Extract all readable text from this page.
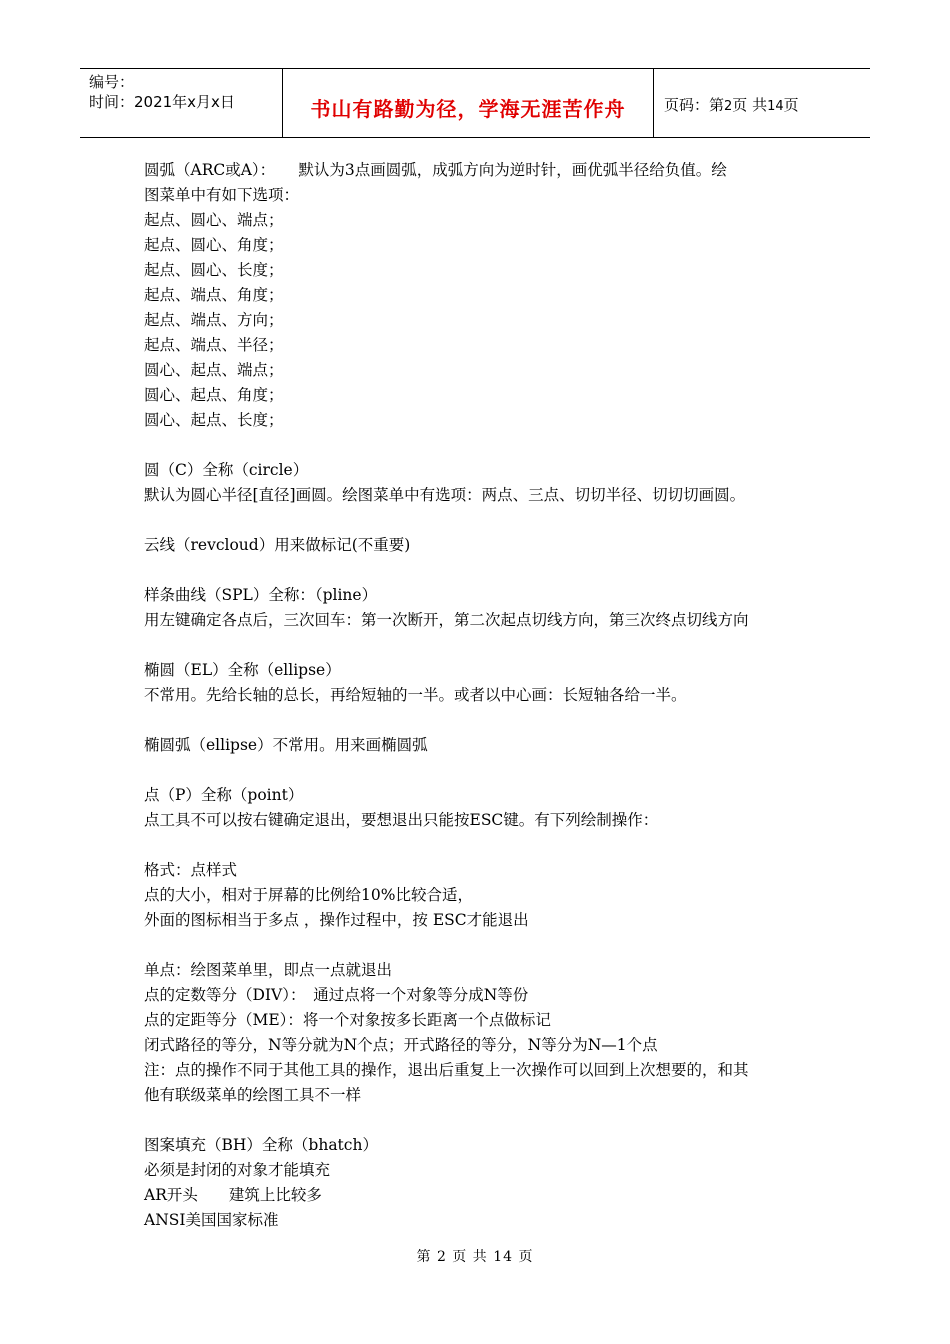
编号：
时间：2021年x月x日	书山有路勤为径，学海无涯苦作舟	页码：第2页 共14页
圆弧（ARC或A）：　　默认为3点画圆弧，成弧方向为逆时针，画优弧半径给负值。绘
图菜单中有如下选项：
起点、圆心、端点；
起点、圆心、角度；
起点、圆心、长度；
起点、端点、角度；
起点、端点、方向；
起点、端点、半径；
圆心、起点、端点；
圆心、起点、角度；
圆心、起点、长度；
圆（C）全称（circle）
默认为圆心半径[直径]画圆。绘图菜单中有选项：两点、三点、切切半径、切切切画圆。
云线（revcloud）用来做标记(不重要)
样条曲线（SPL）全称：（pline）
用左键确定各点后，三次回车：第一次断开，第二次起点切线方向，第三次终点切线方向
椭圆（EL）全称（ellipse）
不常用。先给长轴的总长，再给短轴的一半。或者以中心画：长短轴各给一半。
椭圆弧（ellipse）不常用。用来画椭圆弧
点（P）全称（point）
点工具不可以按右键确定退出，要想退出只能按ESC键。有下列绘制操作：
格式：点样式
点的大小，相对于屏幕的比例给10%比较合适，
外面的图标相当于多点 ，操作过程中，按 ESC才能退出
单点：绘图菜单里，即点一点就退出
点的定数等分（DIV）：　通过点将一个对象等分成N等份
点的定距等分（ME）：将一个对象按多长距离一个点做标记
闭式路径的等分，N等分就为N个点；开式路径的等分，N等分为N—1个点
注：点的操作不同于其他工具的操作，退出后重复上一次操作可以回到上次想要的，和其
他有联级菜单的绘图工具不一样
图案填充（BH）全称（bhatch）
必须是封闭的对象才能填充
AR开头　　建筑上比较多
ANSI美国国家标准
第 2 页 共 14 页
